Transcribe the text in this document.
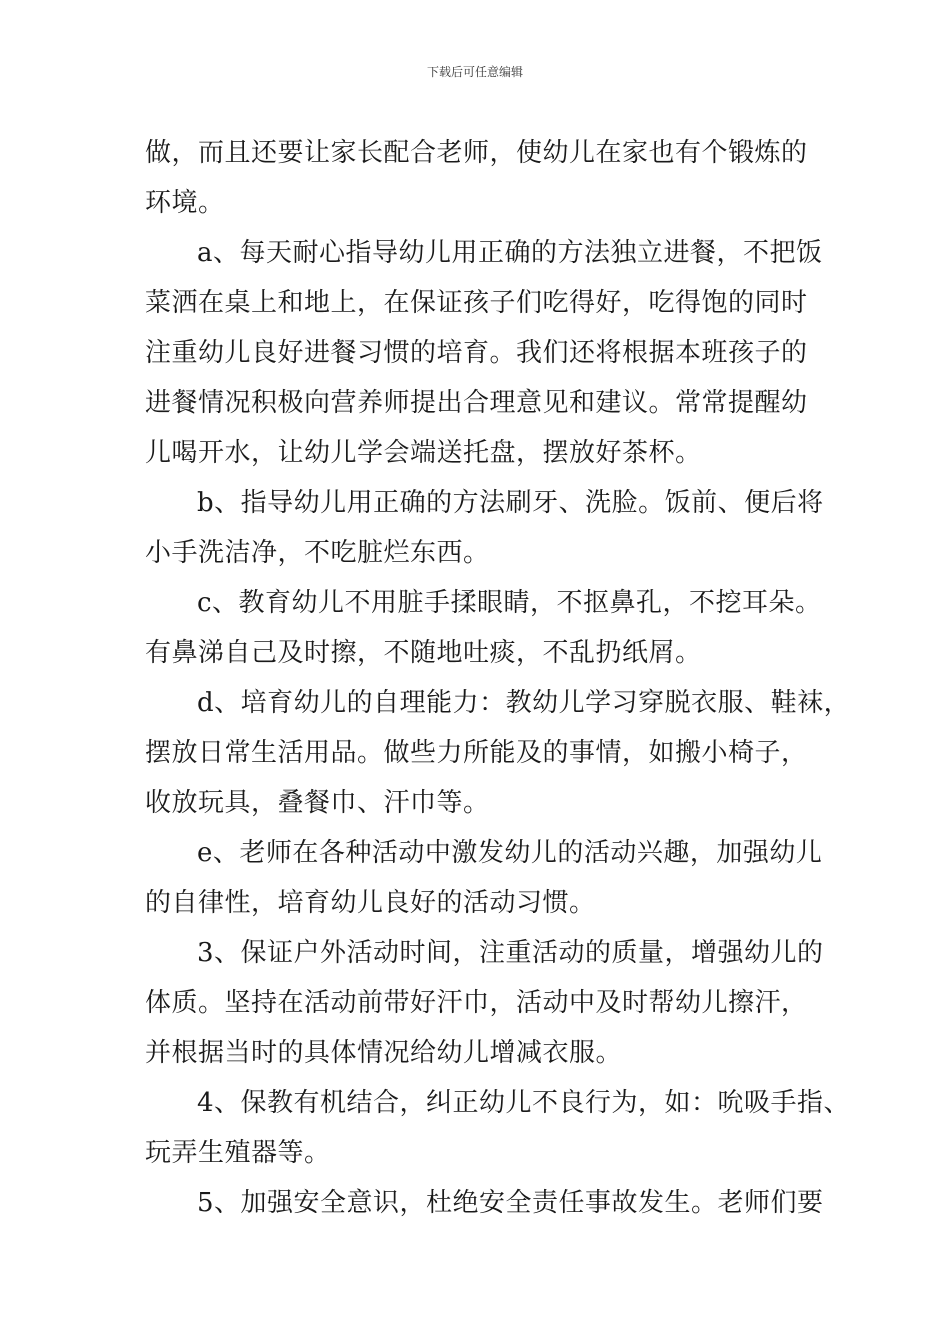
下载后可任意编辑
做，而且还要让家长配合老师，使幼儿在家也有个锻炼的
环境。
a、每天耐心指导幼儿用正确的方法独立进餐，不把饭
菜洒在桌上和地上，在保证孩子们吃得好，吃得饱的同时
注重幼儿良好进餐习惯的培育。我们还将根据本班孩子的
进餐情况积极向营养师提出合理意见和建议。常常提醒幼
儿喝开水，让幼儿学会端送托盘，摆放好茶杯。
b、指导幼儿用正确的方法刷牙、洗脸。饭前、便后将
小手洗洁净，不吃脏烂东西。
c、教育幼儿不用脏手揉眼睛，不抠鼻孔，不挖耳朵。
有鼻涕自己及时擦，不随地吐痰，不乱扔纸屑。
d、培育幼儿的自理能力：教幼儿学习穿脱衣服、鞋袜，
摆放日常生活用品。做些力所能及的事情，如搬小椅子，
收放玩具，叠餐巾、汗巾等。
e、老师在各种活动中激发幼儿的活动兴趣，加强幼儿
的自律性，培育幼儿良好的活动习惯。
3、保证户外活动时间，注重活动的质量，增强幼儿的
体质。坚持在活动前带好汗巾，活动中及时帮幼儿擦汗，
并根据当时的具体情况给幼儿增减衣服。
4、保教有机结合，纠正幼儿不良行为，如：吮吸手指、
玩弄生殖器等。
5、加强安全意识，杜绝安全责任事故发生。老师们要
